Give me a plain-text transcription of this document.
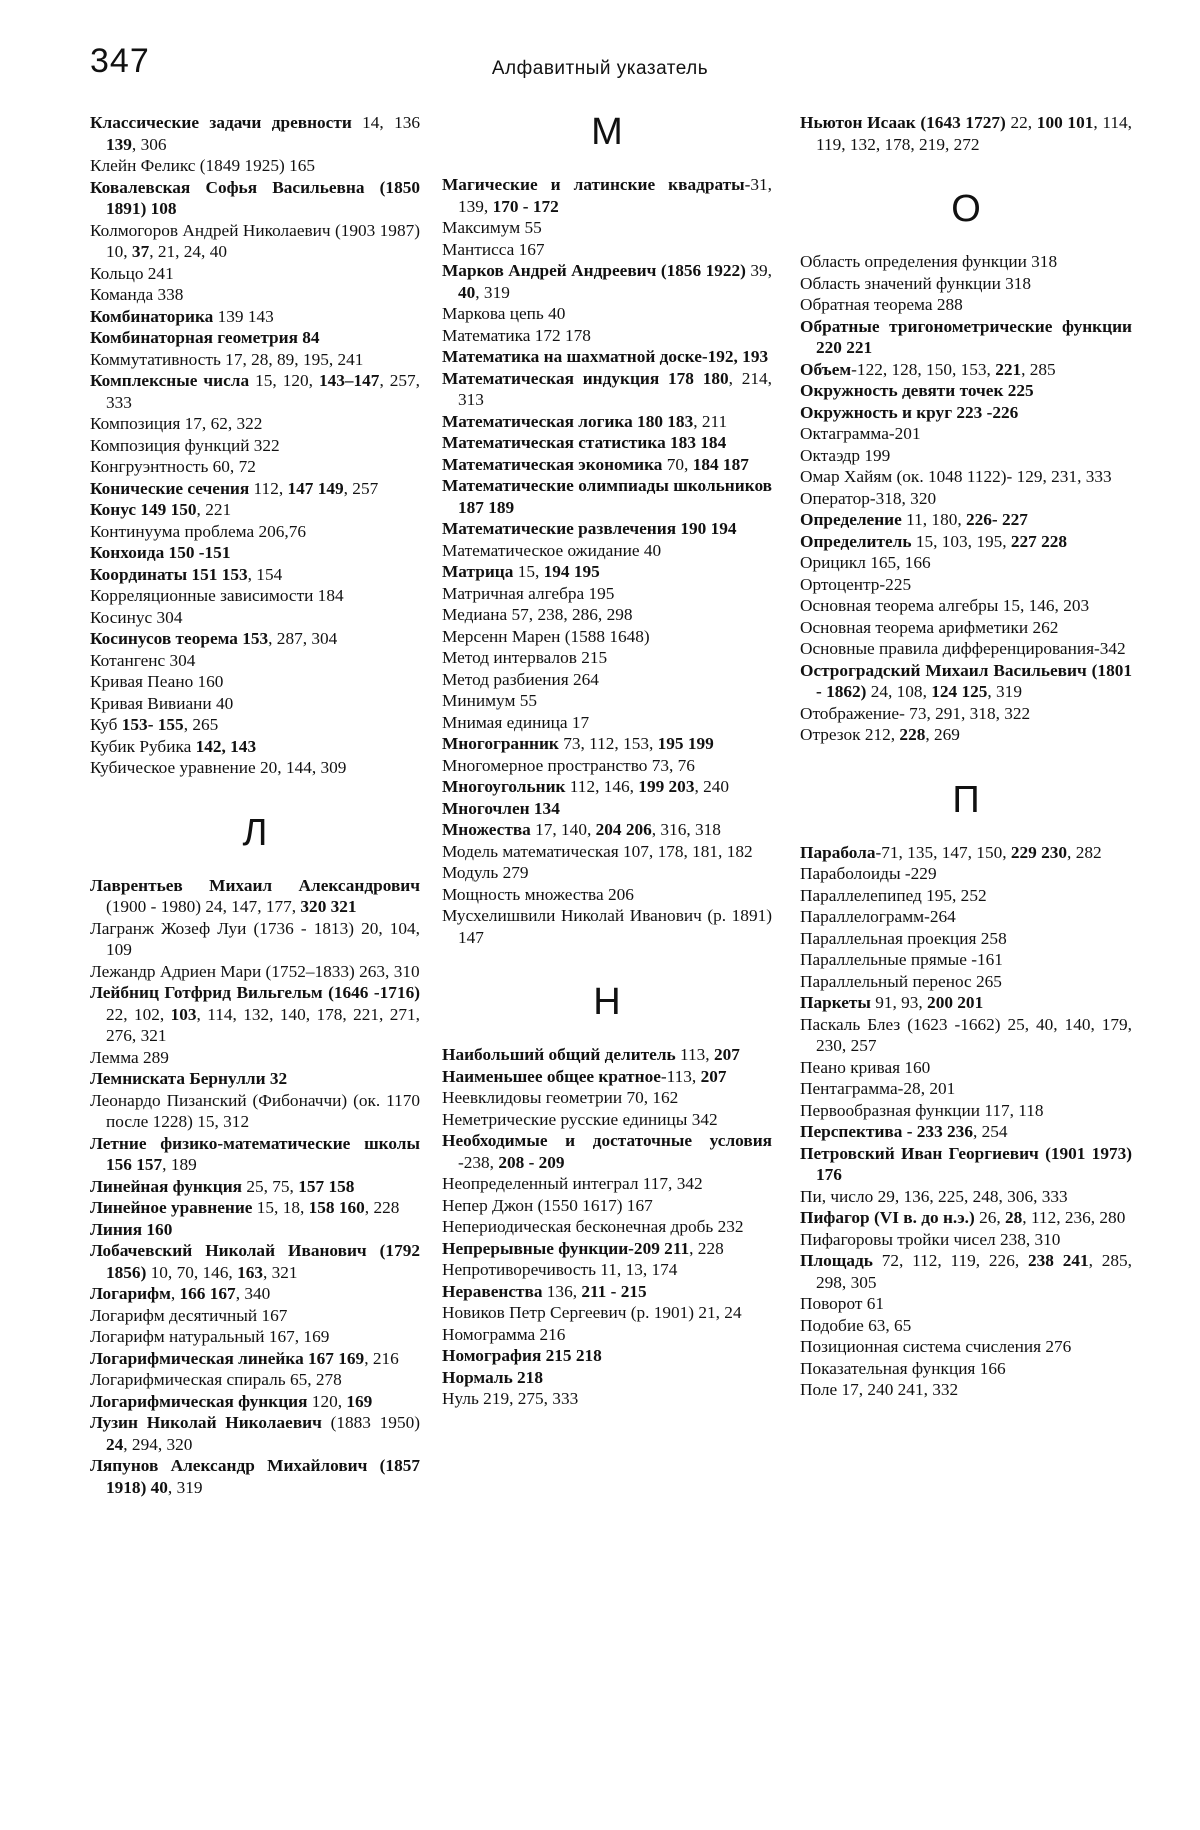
347	Алфавитный указатель

Классические задачи древности 14, 136 139, 306

Клейн Феликс (1849 1925) 165

Ковалевская Софья Васильевна (1850 1891) 108

Колмогоров Андрей Николаевич (1903 1987) 10, 37, 21, 24, 40

Кольцо 241

Команда 338

Комбинаторика 139 143

Комбинаторная геометрия 84

Коммутативность 17, 28, 89, 195, 241

Комплексные числа 15, 120, 143–147, 257, 333

Композиция 17, 62, 322

Композиция функций 322

Конгруэнтность 60, 72

Конические сечения 112, 147 149, 257

Конус 149 150, 221

Континуума проблема 206,76

Конхоида 150 -151

Координаты 151 153, 154

Корреляционные зависимости 184

Косинус 304

Косинусов теорема 153, 287, 304

Котангенс 304

Кривая Пеано 160

Кривая Вивиани 40

Куб 153- 155, 265

Кубик Рубика 142, 143

Кубическое уравнение 20, 144, 309

Л

Лаврентьев Михаил Александрович (1900 - 1980) 24, 147, 177, 320 321

Лагранж Жозеф Луи (1736 - 1813) 20, 104, 109

Лежандр Адриен Мари (1752–1833) 263, 310

Лейбниц Готфрид Вильгельм (1646 -1716) 22, 102, 103, 114, 132, 140, 178, 221, 271, 276, 321

Лемма 289

Лемниската Бернулли 32

Леонардо Пизанский (Фибоначчи) (ок. 1170 после 1228) 15, 312

Летние физико-математические школы 156 157, 189

Линейная функция 25, 75, 157 158

Линейное уравнение 15, 18, 158 160, 228

Линия 160

Лобачевский Николай Иванович (1792 1856) 10, 70, 146, 163, 321

Логарифм, 166 167, 340

Логарифм десятичный 167

Логарифм натуральный 167, 169

Логарифмическая линейка 167 169, 216

Логарифмическая спираль 65, 278

Логарифмическая функция 120, 169

Лузин Николай Николаевич (1883 1950) 24, 294, 320

Ляпунов Александр Михайлович (1857 1918) 40, 319

М

Магические и латинские квадраты-31, 139, 170 - 172

Максимум 55

Мантисса 167

Марков Андрей Андреевич (1856 1922) 39, 40, 319

Маркова цепь 40

Математика 172 178

Математика на шахматной доске-192, 193

Математическая индукция 178 180, 214, 313

Математическая логика 180 183, 211

Математическая статистика 183 184

Математическая экономика 70, 184 187

Математические олимпиады школьников 187 189

Математические развлечения 190 194

Математическое ожидание 40

Матрица 15, 194 195

Матричная алгебра 195

Медиана 57, 238, 286, 298

Мерсенн Марен (1588 1648)

Метод интервалов 215

Метод разбиения 264

Минимум 55

Мнимая единица 17

Многогранник 73, 112, 153, 195 199

Многомерное пространство 73, 76

Многоугольник 112, 146, 199 203, 240

Многочлен 134

Множества 17, 140, 204 206, 316, 318

Модель математическая 107, 178, 181, 182

Модуль 279

Мощность множества 206

Мусхелишвили Николай Иванович (р. 1891) 147

Н

Наибольший общий делитель 113, 207

Наименьшее общее кратное-113, 207

Неевклидовы геометрии 70, 162

Неметрические русские единицы 342

Необходимые и достаточные условия -238, 208 - 209

Неопределенный интеграл 117, 342

Непер Джон (1550 1617) 167

Непериодическая бесконечная дробь 232

Непрерывные функции-209 211, 228

Непротиворечивость 11, 13, 174

Неравенства 136, 211 - 215

Новиков Петр Сергеевич (р. 1901) 21, 24

Номограмма 216

Номография 215 218

Нормаль 218

Нуль 219, 275, 333

Ньютон Исаак (1643 1727) 22, 100 101, 114, 119, 132, 178, 219, 272

О

Область определения функции 318

Область значений функции 318

Обратная теорема 288

Обратные тригонометрические функции 220 221

Объем-122, 128, 150, 153, 221, 285

Окружность девяти точек 225

Окружность и круг 223 -226

Октаграмма-201

Октаэдр 199

Омар Хайям (ок. 1048 1122)- 129, 231, 333

Оператор-318, 320

Определение 11, 180, 226- 227

Определитель 15, 103, 195, 227 228

Орицикл 165, 166

Ортоцентр-225

Основная теорема алгебры 15, 146, 203

Основная теорема арифметики 262

Основные правила дифференцирования-342

Остроградский Михаил Васильевич (1801 - 1862) 24, 108, 124 125, 319

Отображение- 73, 291, 318, 322

Отрезок 212, 228, 269

П

Парабола-71, 135, 147, 150, 229 230, 282

Параболоиды -229

Параллелепипед 195, 252

Параллелограмм-264

Параллельная проекция 258

Параллельные прямые -161

Параллельный перенос 265

Паркеты 91, 93, 200 201

Паскаль Блез (1623 -1662) 25, 40, 140, 179, 230, 257

Пеано кривая 160

Пентаграмма-28, 201

Первообразная функции 117, 118

Перспектива - 233 236, 254

Петровский Иван Георгиевич (1901 1973) 176

Пи, число 29, 136, 225, 248, 306, 333

Пифагор (VI в. до н.э.) 26, 28, 112, 236, 280

Пифагоровы тройки чисел 238, 310

Площадь 72, 112, 119, 226, 238 241, 285, 298, 305

Поворот 61

Подобие 63, 65

Позиционная система счисления 276

Показательная функция 166

Поле 17, 240 241, 332
